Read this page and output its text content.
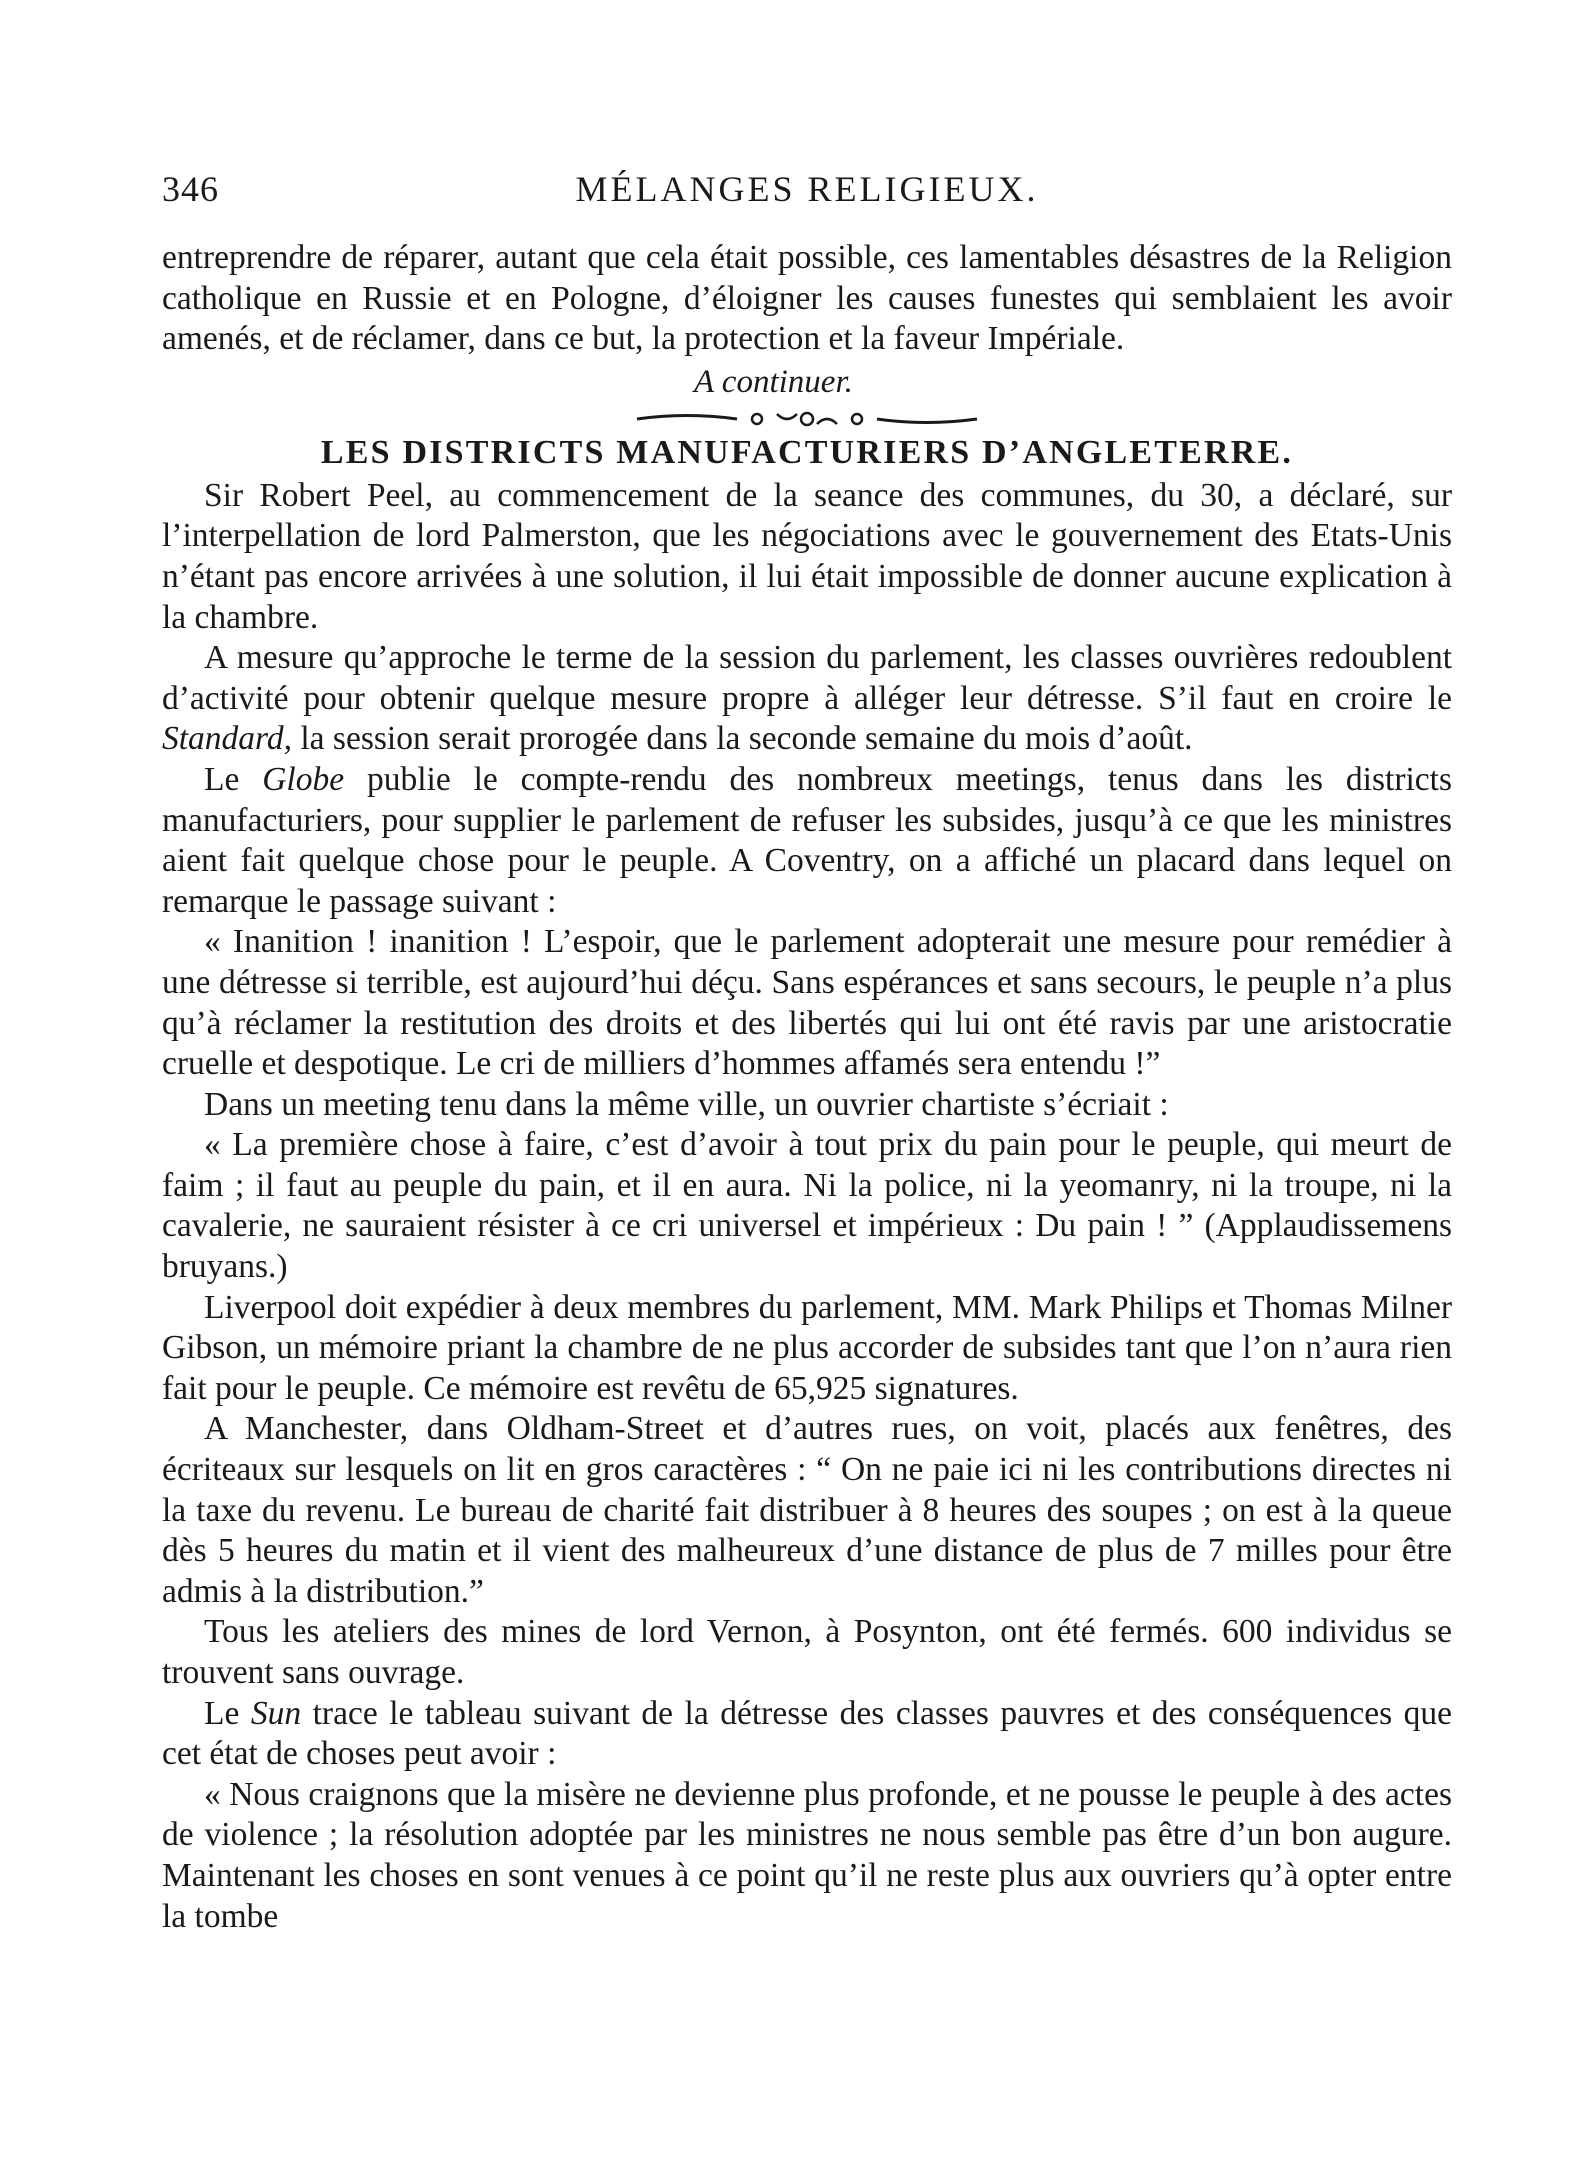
346	MÉLANGES RELIGIEUX.

entreprendre de réparer, autant que cela était possible, ces lamentables désastres de la Religion catholique en Russie et en Pologne, d’éloigner les causes funestes qui semblaient les avoir amenés, et de réclamer, dans ce but, la protection et la faveur Impériale.

A continuer.

LES DISTRICTS MANUFACTURIERS D’ANGLETERRE.

Sir Robert Peel, au commencement de la seance des communes, du 30, a déclaré, sur l’interpellation de lord Palmerston, que les négociations avec le gouvernement des Etats-Unis n’étant pas encore arrivées à une solution, il lui était impossible de donner aucune explication à la chambre.

A mesure qu’approche le terme de la session du parlement, les classes ouvrières redoublent d’activité pour obtenir quelque mesure propre à alléger leur détresse. S’il faut en croire le Standard, la session serait prorogée dans la seconde semaine du mois d’août.

Le Globe publie le compte-rendu des nombreux meetings, tenus dans les districts manufacturiers, pour supplier le parlement de refuser les subsides, jusqu’à ce que les ministres aient fait quelque chose pour le peuple. A Coventry, on a affiché un placard dans lequel on remarque le passage suivant :

« Inanition ! inanition ! L’espoir, que le parlement adopterait une mesure pour remédier à une détresse si terrible, est aujourd’hui déçu. Sans espérances et sans secours, le peuple n’a plus qu’à réclamer la restitution des droits et des libertés qui lui ont été ravis par une aristocratie cruelle et despotique. Le cri de milliers d’hommes affamés sera entendu !”

Dans un meeting tenu dans la même ville, un ouvrier chartiste s’écriait :

« La première chose à faire, c’est d’avoir à tout prix du pain pour le peuple, qui meurt de faim ; il faut au peuple du pain, et il en aura. Ni la police, ni la yeomanry, ni la troupe, ni la cavalerie, ne sauraient résister à ce cri universel et impérieux : Du pain ! ” (Applaudissemens bruyans.)

Liverpool doit expédier à deux membres du parlement, MM. Mark Philips et Thomas Milner Gibson, un mémoire priant la chambre de ne plus accorder de subsides tant que l’on n’aura rien fait pour le peuple. Ce mémoire est revêtu de 65,925 signatures.

A Manchester, dans Oldham-Street et d’autres rues, on voit, placés aux fenêtres, des écriteaux sur lesquels on lit en gros caractères : “ On ne paie ici ni les contributions directes ni la taxe du revenu. Le bureau de charité fait distribuer à 8 heures des soupes ; on est à la queue dès 5 heures du matin et il vient des malheureux d’une distance de plus de 7 milles pour être admis à la distribution.”

Tous les ateliers des mines de lord Vernon, à Posynton, ont été fermés. 600 individus se trouvent sans ouvrage.

Le Sun trace le tableau suivant de la détresse des classes pauvres et des conséquences que cet état de choses peut avoir :

« Nous craignons que la misère ne devienne plus profonde, et ne pousse le peuple à des actes de violence ; la résolution adoptée par les ministres ne nous semble pas être d’un bon augure. Maintenant les choses en sont venues à ce point qu’il ne reste plus aux ouvriers qu’à opter entre la tombe
